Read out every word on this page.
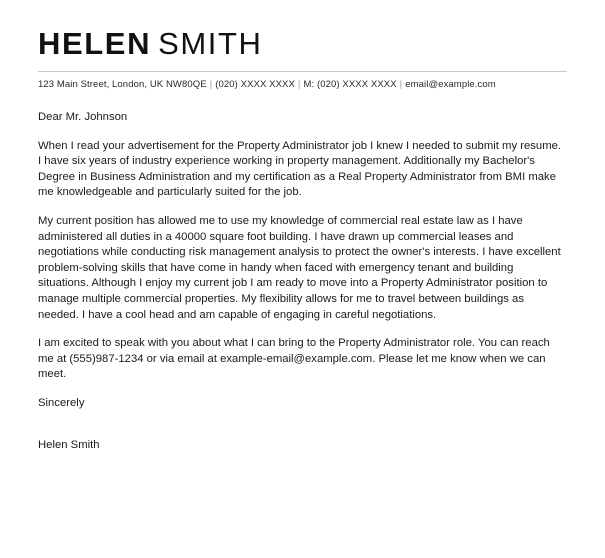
HELEN SMITH
123 Main Street, London, UK NW80QE | (020) XXXX XXXX | M: (020) XXXX XXXX | email@example.com

Dear Mr. Johnson

When I read your advertisement for the Property Administrator job I knew I needed to submit my resume. I have six years of industry experience working in property management. Additionally my Bachelor's Degree in Business Administration and my certification as a Real Property Administrator from BMI make me knowledgeable and particularly suited for the job.

My current position has allowed me to use my knowledge of commercial real estate law as I have administered all duties in a 40000 square foot building. I have drawn up commercial leases and negotiations while conducting risk management analysis to protect the owner's interests. I have excellent problem-solving skills that have come in handy when faced with emergency tenant and building situations. Although I enjoy my current job I am ready to move into a Property Administrator position to manage multiple commercial properties. My flexibility allows for me to travel between buildings as needed. I have a cool head and am capable of engaging in careful negotiations.

I am excited to speak with you about what I can bring to the Property Administrator role. You can reach me at (555)987-1234 or via email at example-email@example.com. Please let me know when we can meet.

Sincerely

Helen Smith
